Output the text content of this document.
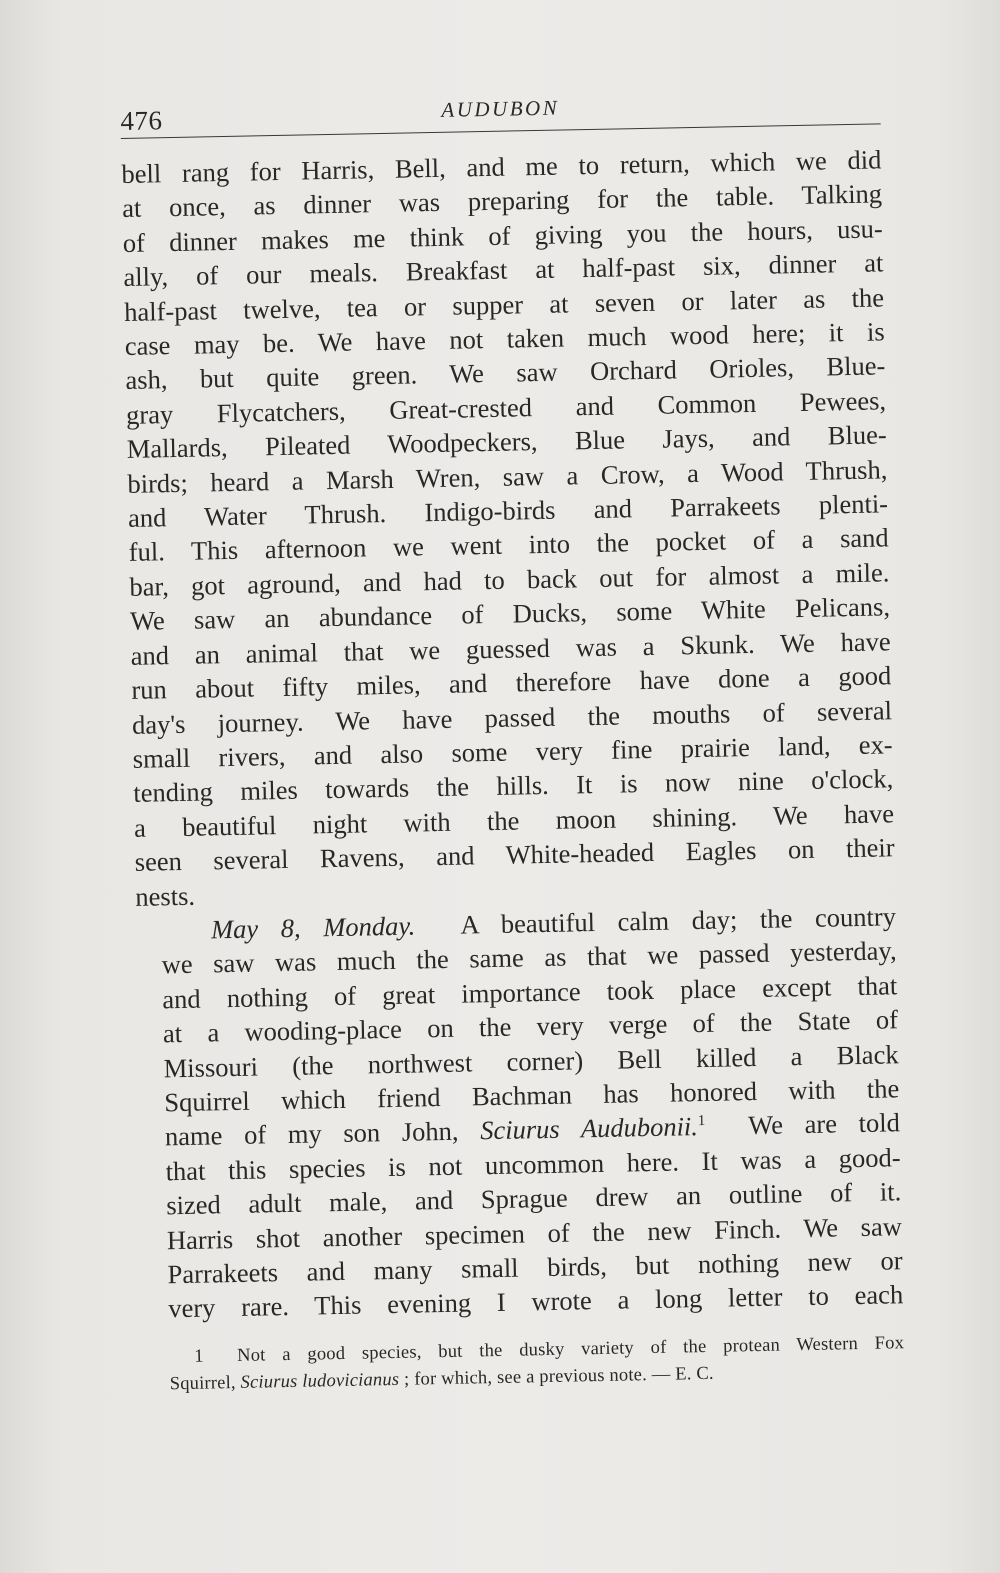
476	AUDUBON
bell rang for Harris, Bell, and me to return, which we did
at once, as dinner was preparing for the table. Talking
of dinner makes me think of giving you the hours, usu-
ally, of our meals. Breakfast at half-past six, dinner at
half-past twelve, tea or supper at seven or later as the
case may be. We have not taken much wood here; it is
ash, but quite green. We saw Orchard Orioles, Blue-
gray Flycatchers, Great-crested and Common Pewees,
Mallards, Pileated Woodpeckers, Blue Jays, and Blue-
birds; heard a Marsh Wren, saw a Crow, a Wood Thrush,
and Water Thrush. Indigo-birds and Parrakeets plenti-
ful. This afternoon we went into the pocket of a sand
bar, got aground, and had to back out for almost a mile.
We saw an abundance of Ducks, some White Pelicans,
and an animal that we guessed was a Skunk. We have
run about fifty miles, and therefore have done a good
day's journey. We have passed the mouths of several
small rivers, and also some very fine prairie land, ex-
tending miles towards the hills. It is now nine o'clock,
a beautiful night with the moon shining. We have
seen several Ravens, and White-headed Eagles on their
nests.
May 8, Monday. A beautiful calm day; the country
we saw was much the same as that we passed yesterday,
and nothing of great importance took place except that
at a wooding-place on the very verge of the State of
Missouri (the northwest corner) Bell killed a Black
Squirrel which friend Bachman has honored with the
name of my son John, Sciurus Audubonii.$^1$ We are told
that this species is not uncommon here. It was a good-
sized adult male, and Sprague drew an outline of it.
Harris shot another specimen of the new Finch. We saw
Parrakeets and many small birds, but nothing new or
very rare. This evening I wrote a long letter to each
1 Not a good species, but the dusky variety of the protean Western Fox
Squirrel, Sciurus ludovicianus ; for which, see a previous note. — E. C.
